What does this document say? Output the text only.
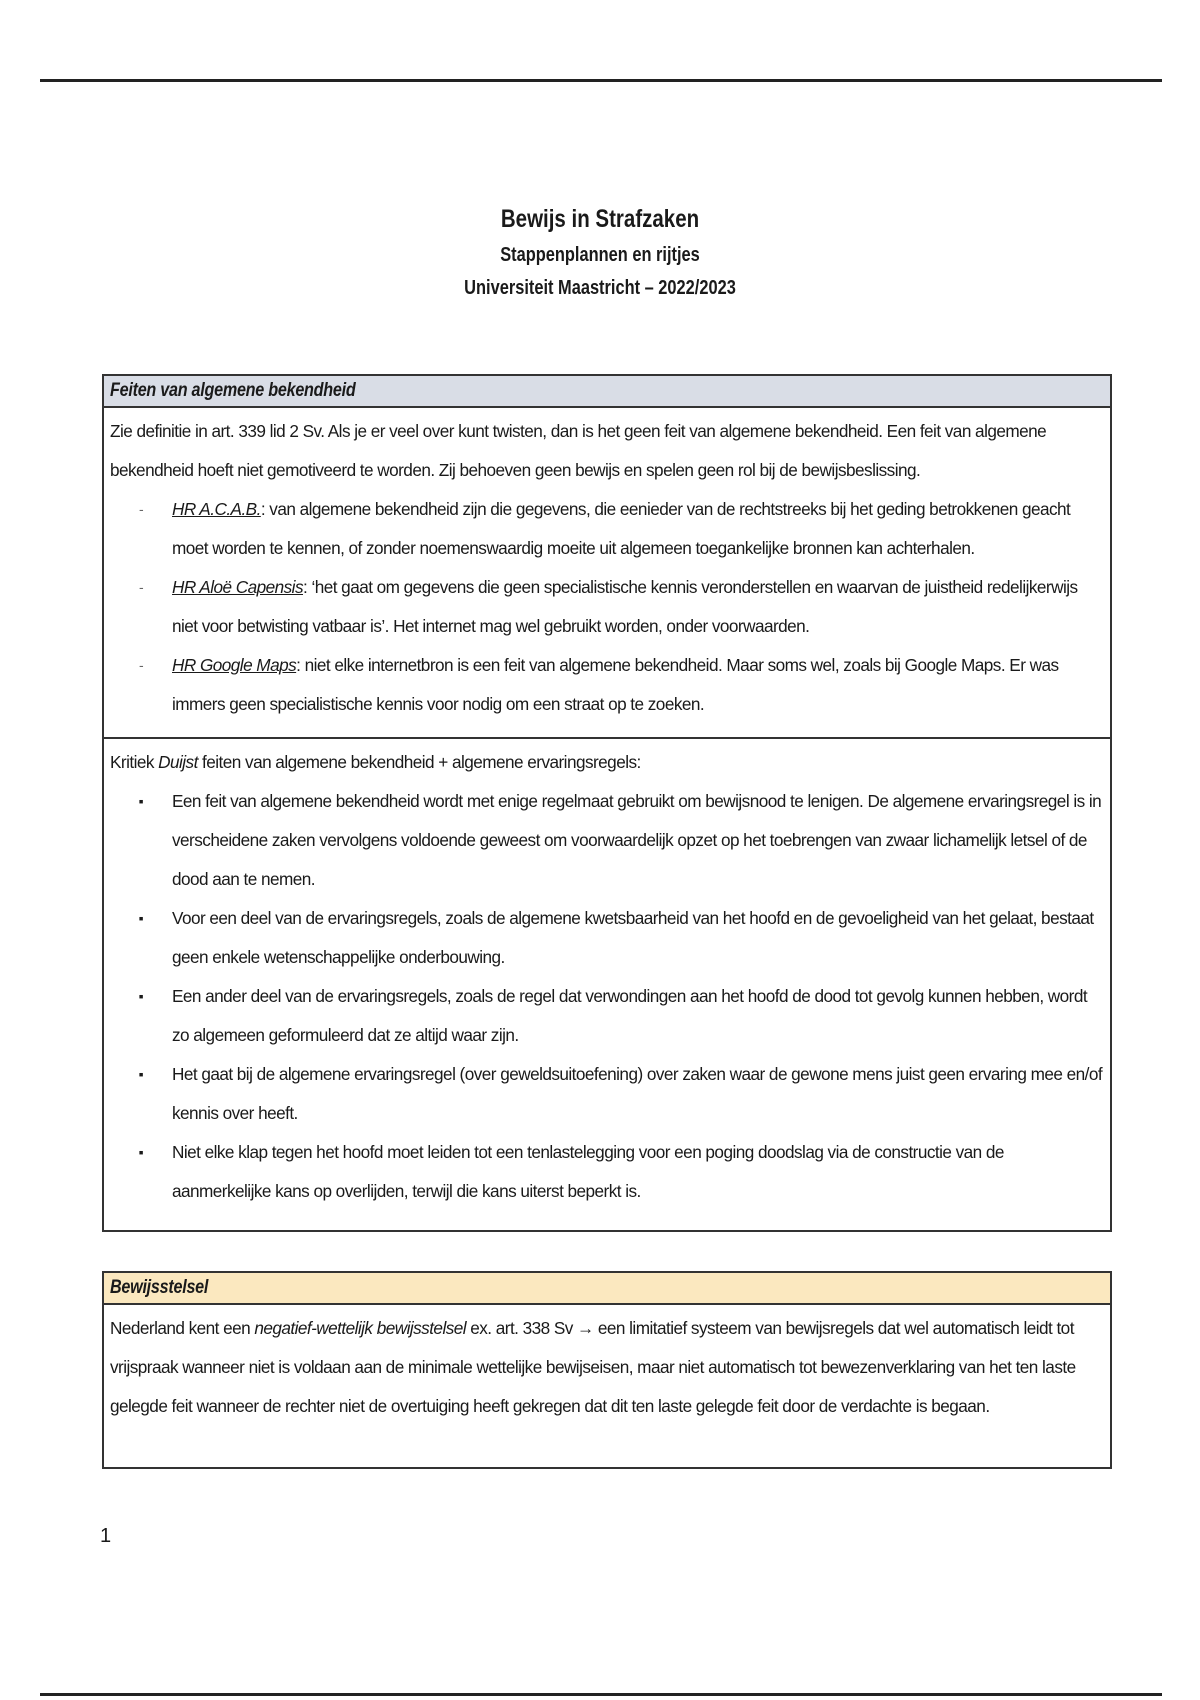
Bewijs in Strafzaken
Stappenplannen en rijtjes
Universiteit Maastricht – 2022/2023
Feiten van algemene bekendheid

Zie definitie in art. 339 lid 2 Sv. Als je er veel over kunt twisten, dan is het geen feit van algemene bekendheid. Een feit van algemene bekendheid hoeft niet gemotiveerd te worden. Zij behoeven geen bewijs en spelen geen rol bij de bewijsbeslissing.

- HR A.C.A.B.: van algemene bekendheid zijn die gegevens, die eenieder van de rechtstreeks bij het geding betrokkenen geacht moet worden te kennen, of zonder noemenswaardig moeite uit algemeen toegankelijke bronnen kan achterhalen.
- HR Aloë Capensis: ‘het gaat om gegevens die geen specialistische kennis veronderstellen en waarvan de juistheid redelijkerwijs niet voor betwisting vatbaar is’. Het internet mag wel gebruikt worden, onder voorwaarden.
- HR Google Maps: niet elke internetbron is een feit van algemene bekendheid. Maar soms wel, zoals bij Google Maps. Er was immers geen specialistische kennis voor nodig om een straat op te zoeken.

Kritiek Duijst feiten van algemene bekendheid + algemene ervaringsregels:

▪ Een feit van algemene bekendheid wordt met enige regelmaat gebruikt om bewijsnood te lenigen. De algemene ervaringsregel is in verscheidene zaken vervolgens voldoende geweest om voorwaardelijk opzet op het toebrengen van zwaar lichamelijk letsel of de dood aan te nemen.
▪ Voor een deel van de ervaringsregels, zoals de algemene kwetsbaarheid van het hoofd en de gevoeligheid van het gelaat, bestaat geen enkele wetenschappelijke onderbouwing.
▪ Een ander deel van de ervaringsregels, zoals de regel dat verwondingen aan het hoofd de dood tot gevolg kunnen hebben, wordt zo algemeen geformuleerd dat ze altijd waar zijn.
▪ Het gaat bij de algemene ervaringsregel (over geweldsuitoefening) over zaken waar de gewone mens juist geen ervaring mee en/of kennis over heeft.
▪ Niet elke klap tegen het hoofd moet leiden tot een tenlastelegging voor een poging doodslag via de constructie van de aanmerkelijke kans op overlijden, terwijl die kans uiterst beperkt is.
Bewijsstelsel

Nederland kent een negatief-wettelijk bewijsstelsel ex. art. 338 Sv → een limitatief systeem van bewijsregels dat wel automatisch leidt tot vrijspraak wanneer niet is voldaan aan de minimale wettelijke bewijseisen, maar niet automatisch tot bewezenverklaring van het ten laste gelegde feit wanneer de rechter niet de overtuiging heeft gekregen dat dit ten laste gelegde feit door de verdachte is begaan.

1
